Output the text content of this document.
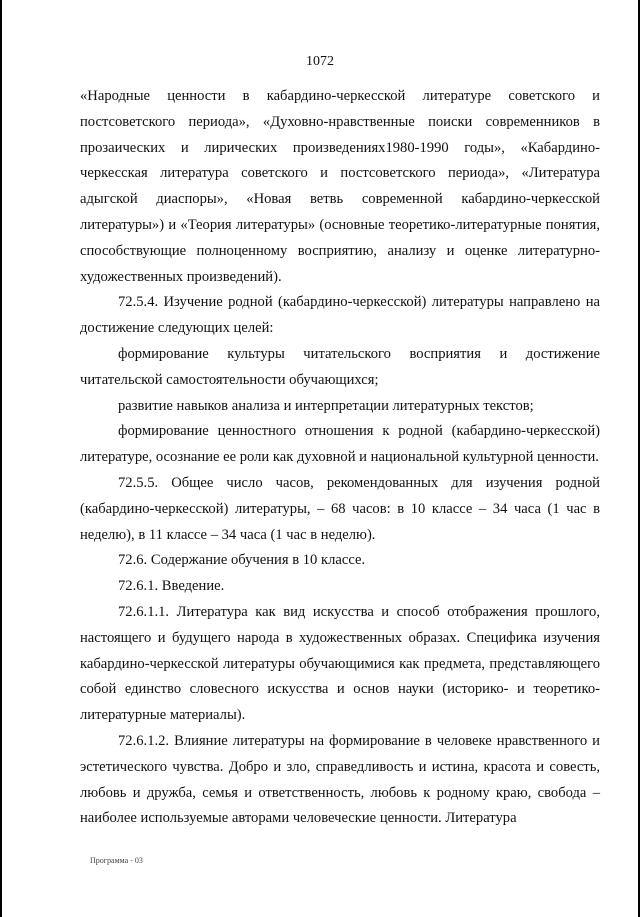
1072

«Народные ценности в кабардино-черкесской литературе советского и постсоветского периода», «Духовно-нравственные поиски современников в прозаических и лирических произведениях1980-1990 годы», «Кабардино-черкесская литература советского и постсоветского периода», «Литература адыгской диаспоры», «Новая ветвь современной кабардино-черкесской литературы») и «Теория литературы» (основные теоретико-литературные понятия, способствующие полноценному восприятию, анализу и оценке литературно-художественных произведений).

72.5.4. Изучение родной (кабардино-черкесской) литературы направлено на достижение следующих целей:

формирование культуры читательского восприятия и достижение читательской самостоятельности обучающихся;

развитие навыков анализа и интерпретации литературных текстов;

формирование ценностного отношения к родной (кабардино-черкесской) литературе, осознание ее роли как духовной и национальной культурной ценности.

72.5.5. Общее число часов, рекомендованных для изучения родной (кабардино-черкесской) литературы, – 68 часов: в 10 классе – 34 часа (1 час в неделю), в 11 классе – 34 часа (1 час в неделю).

72.6. Содержание обучения в 10 классе.

72.6.1. Введение.

72.6.1.1. Литература как вид искусства и способ отображения прошлого, настоящего и будущего народа в художественных образах. Специфика изучения кабардино-черкесской литературы обучающимися как предмета, представляющего собой единство словесного искусства и основ науки (историко- и теоретико-литературные материалы).

72.6.1.2. Влияние литературы на формирование в человеке нравственного и эстетического чувства. Добро и зло, справедливость и истина, красота и совесть, любовь и дружба, семья и ответственность, любовь к родному краю, свобода – наиболее используемые авторами человеческие ценности. Литература

Программа - 03
